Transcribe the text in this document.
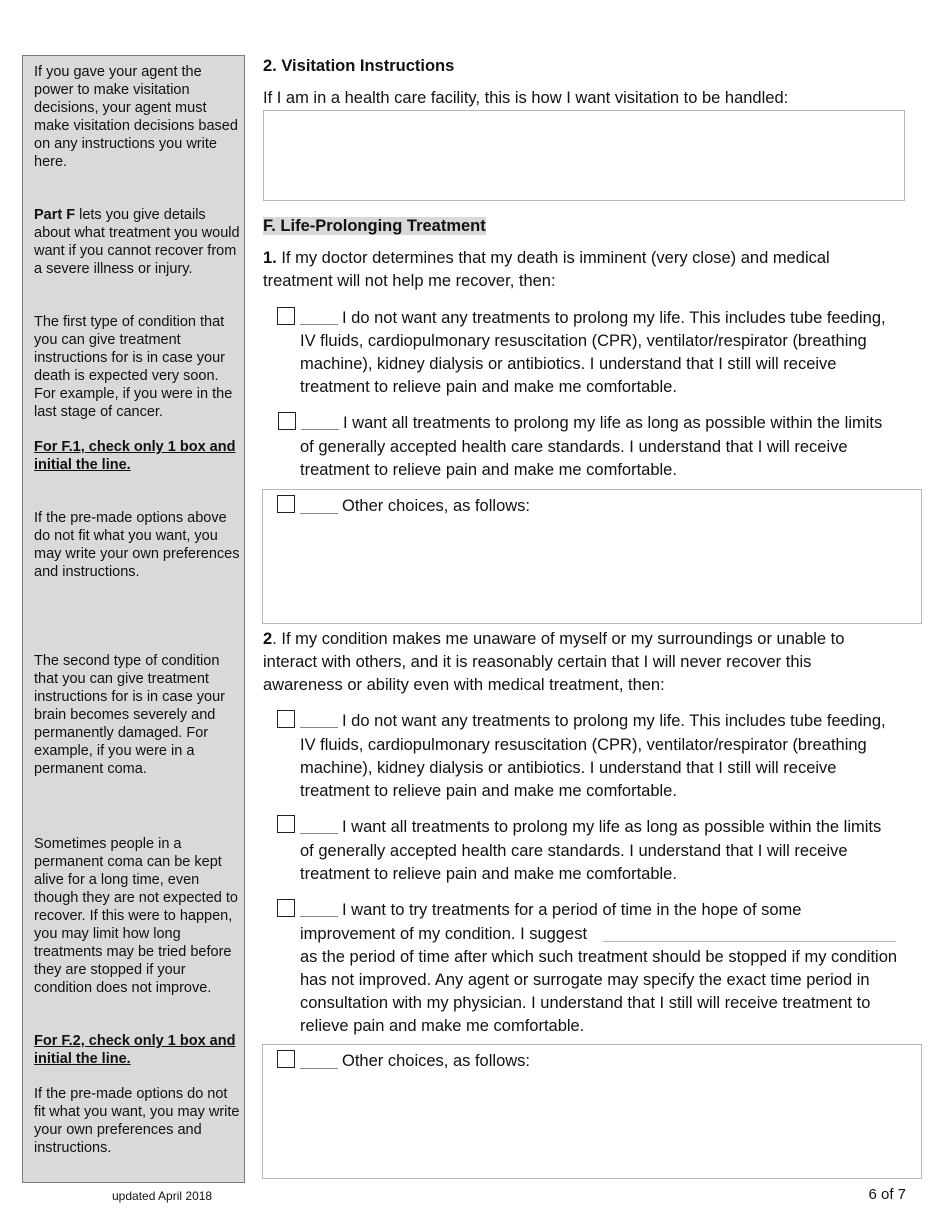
If you gave your agent the power to make visitation decisions, your agent must make visitation decisions based on any instructions you write here.

Part F lets you give details about what treatment you would want if you cannot recover from a severe illness or injury.

The first type of condition that you can give treatment instructions for is in case your death is expected very soon. For example, if you were in the last stage of cancer.

For F.1, check only 1 box and initial the line.

If the pre-made options above do not fit what you want, you may write your own preferences and instructions.

The second type of condition that you can give treatment instructions for is in case your brain becomes severely and permanently damaged. For example, if you were in a permanent coma.

Sometimes people in a permanent coma can be kept alive for a long time, even though they are not expected to recover. If this were to happen, you may limit how long treatments may be tried before they are stopped if your condition does not improve.

For F.2, check only 1 box and initial the line.

If the pre-made options do not fit what you want, you may write your own preferences and instructions.

2. Visitation Instructions
If I am in a health care facility, this is how I want visitation to be handled:
F. Life-Prolonging Treatment
1. If my doctor determines that my death is imminent (very close) and medical treatment will not help me recover, then:
I do not want any treatments to prolong my life. This includes tube feeding,
IV fluids, cardiopulmonary resuscitation (CPR), ventilator/respirator (breathing machine), kidney dialysis or antibiotics. I understand that I still will receive treatment to relieve pain and make me comfortable.
I want all treatments to prolong my life as long as possible within the limits
of generally accepted health care standards. I understand that I will receive treatment to relieve pain and make me comfortable.
Other choices, as follows:
2. If my condition makes me unaware of myself or my surroundings or unable to interact with others, and it is reasonably certain that I will never recover this awareness or ability even with medical treatment, then:
I do not want any treatments to prolong my life. This includes tube feeding,
IV fluids, cardiopulmonary resuscitation (CPR), ventilator/respirator (breathing machine), kidney dialysis or antibiotics. I understand that I still will receive treatment to relieve pain and make me comfortable.
I want all treatments to prolong my life as long as possible within the limits
of generally accepted health care standards. I understand that I will receive treatment to relieve pain and make me comfortable.
I want to try treatments for a period of time in the hope of some
improvement of my condition. I suggest
as the period of time after which such treatment should be stopped if my condition has not improved. Any agent or surrogate may specify the exact time period in consultation with my physician. I understand that I still will receive treatment to relieve pain and make me comfortable.
Other choices, as follows:
updated April 2018	6 of 7
